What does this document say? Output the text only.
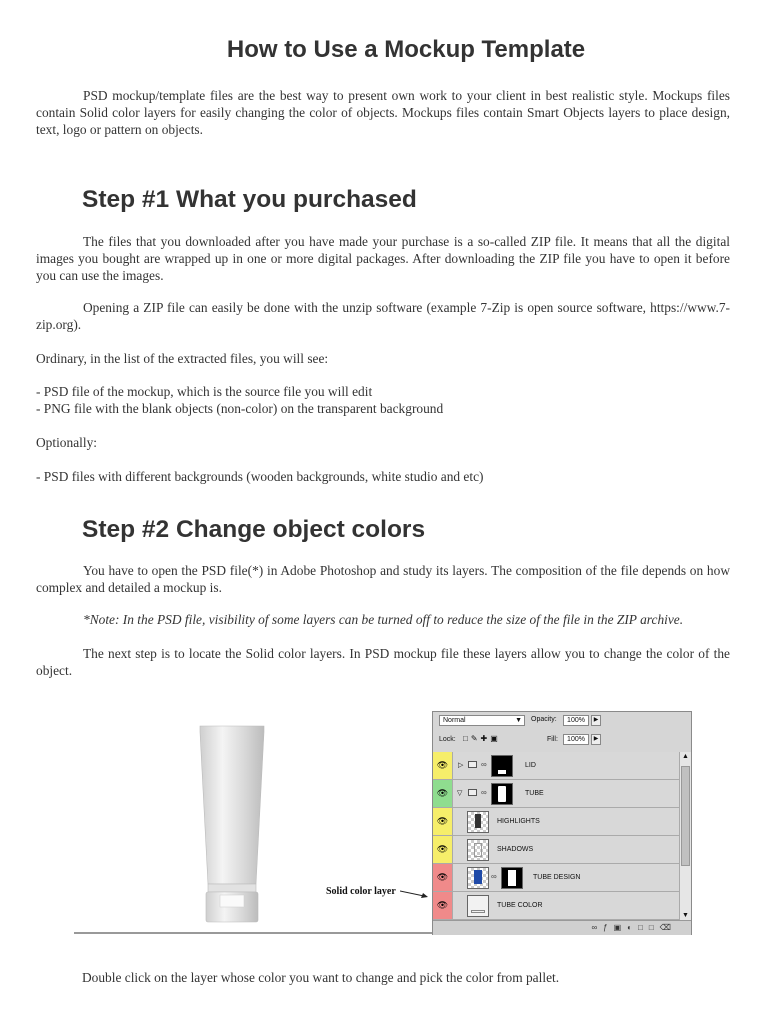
How to Use a Mockup Template
PSD mockup/template files are the best way to present own work to your client in best realistic style. Mockups files contain Solid color layers for easily changing the color of objects. Mockups files contain Smart Objects layers to place design, text, logo or pattern on objects.
Step #1 What you purchased
The files that you downloaded after you have made your purchase is a so-called ZIP file. It means that all the digital images you bought are wrapped up in one or more digital packages. After downloading the ZIP file you have to open it before you can use the images.
Opening a ZIP file can easily be done with the unzip software (example 7-Zip is open source software, https://www.7-zip.org).
Ordinary, in the list of the extracted files, you will see:
- PSD file of the mockup, which is the source file you will edit
- PNG file with the blank objects (non-color) on the transparent background
Optionally:
- PSD files with different backgrounds (wooden backgrounds, white studio and etc)
Step #2 Change object colors
You have to open the PSD file(*) in Adobe Photoshop and study its layers. The composition of the file depends on how complex and detailed a mockup is.
*Note: In the PSD file, visibility of some layers can be turned off to reduce the size of the file in the ZIP archive.
The next step is to locate the Solid color layers. In PSD mockup file these layers allow you to change the color of the object.
Solid color layer
Normal	▼ Opacity:	100%	▶
Lock: □✎✚▣	Fill:	100%	▶
👁	▷ ∞	LID
👁	▽ ∞	TUBE
👁	HIGHLIGHTS
👁	SHADOWS
👁	∞	TUBE DESIGN
👁	TUBE COLOR
▲
▼
∞ƒ▣◐□□⌫
Double click on the layer whose color you want to change and pick the color from pallet.
